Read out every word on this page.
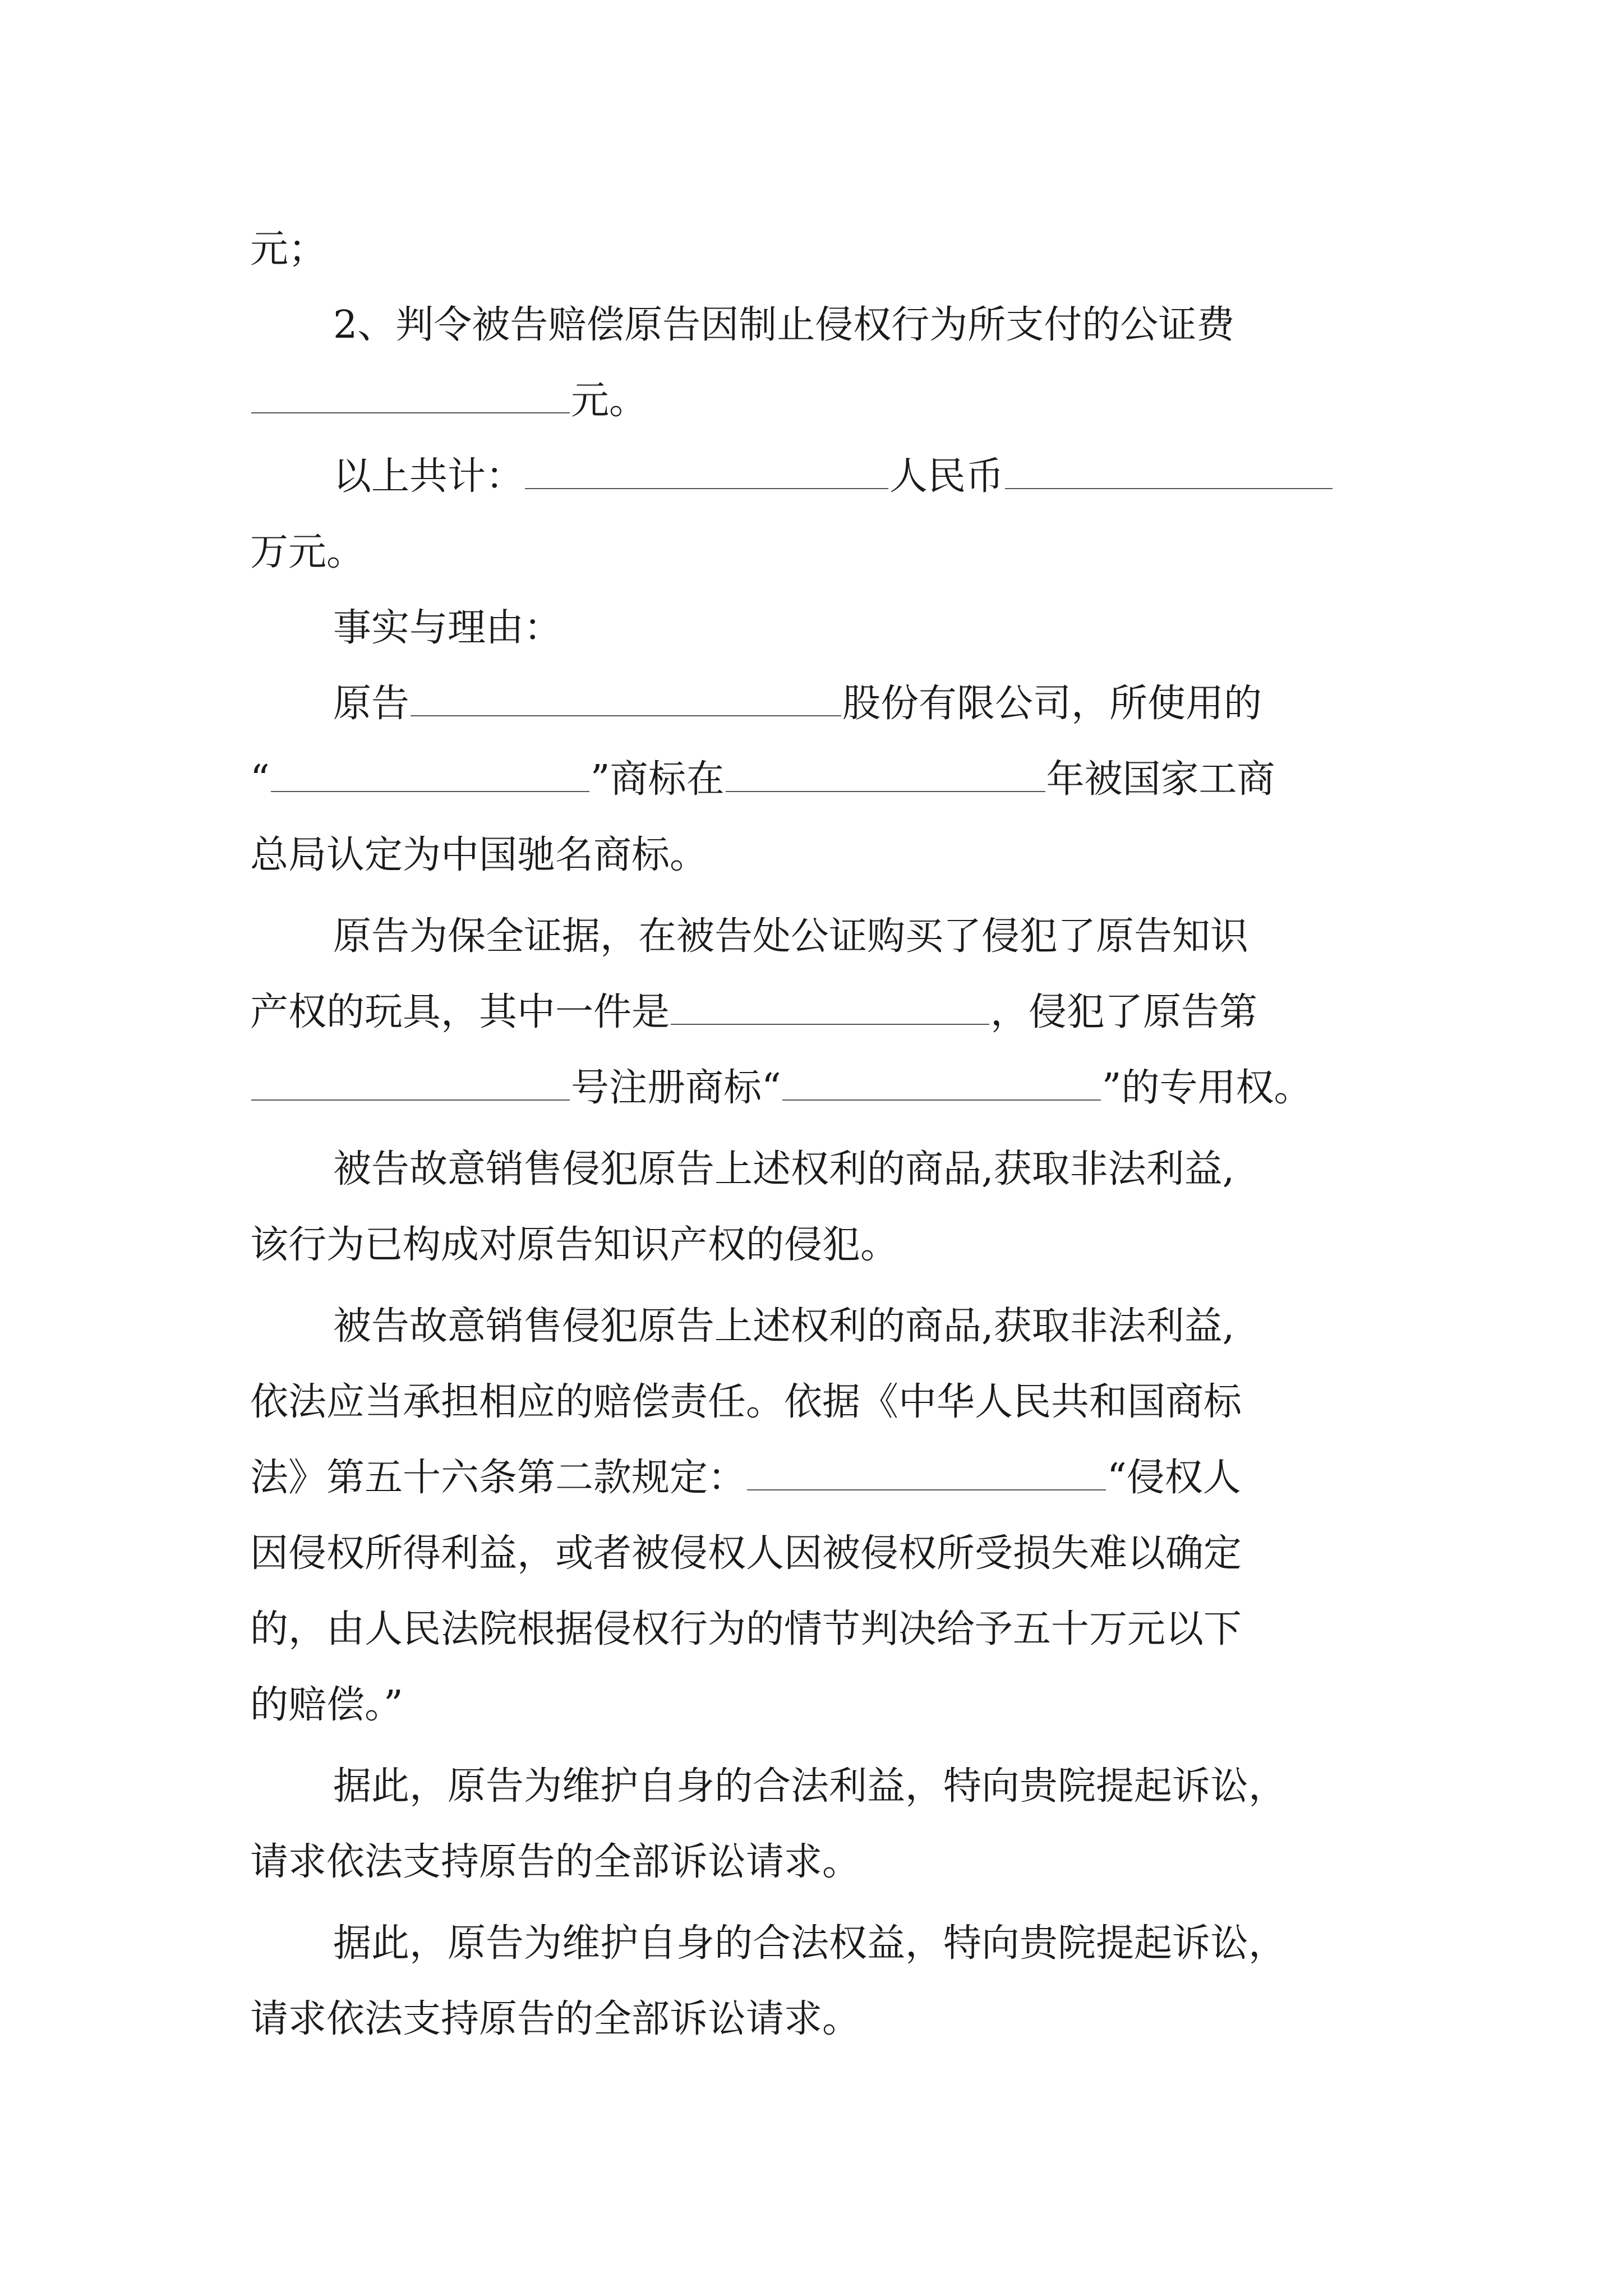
元；
2、判令被告赔偿原告因制止侵权行为所支付的公证费
元。
以上共计：	人民币
万元。
事实与理由：
原告	股份有限公司，所使用的
“	”商标在	年被国家工商
总局认定为中国驰名商标。
原告为保全证据，在被告处公证购买了侵犯了原告知识
产权的玩具，其中一件是	，侵犯了原告第
号注册商标“	”的专用权。
被告故意销售侵犯原告上述权利的商品,获取非法利益,
该行为已构成对原告知识产权的侵犯。
被告故意销售侵犯原告上述权利的商品,获取非法利益,
依法应当承担相应的赔偿责任。依据《中华人民共和国商标
法》第五十六条第二款规定：	“侵权人
因侵权所得利益，或者被侵权人因被侵权所受损失难以确定
的，由人民法院根据侵权行为的情节判决给予五十万元以下
的赔偿。”
据此，原告为维护自身的合法利益，特向贵院提起诉讼，
请求依法支持原告的全部诉讼请求。
据此，原告为维护自身的合法权益，特向贵院提起诉讼，
请求依法支持原告的全部诉讼请求。
